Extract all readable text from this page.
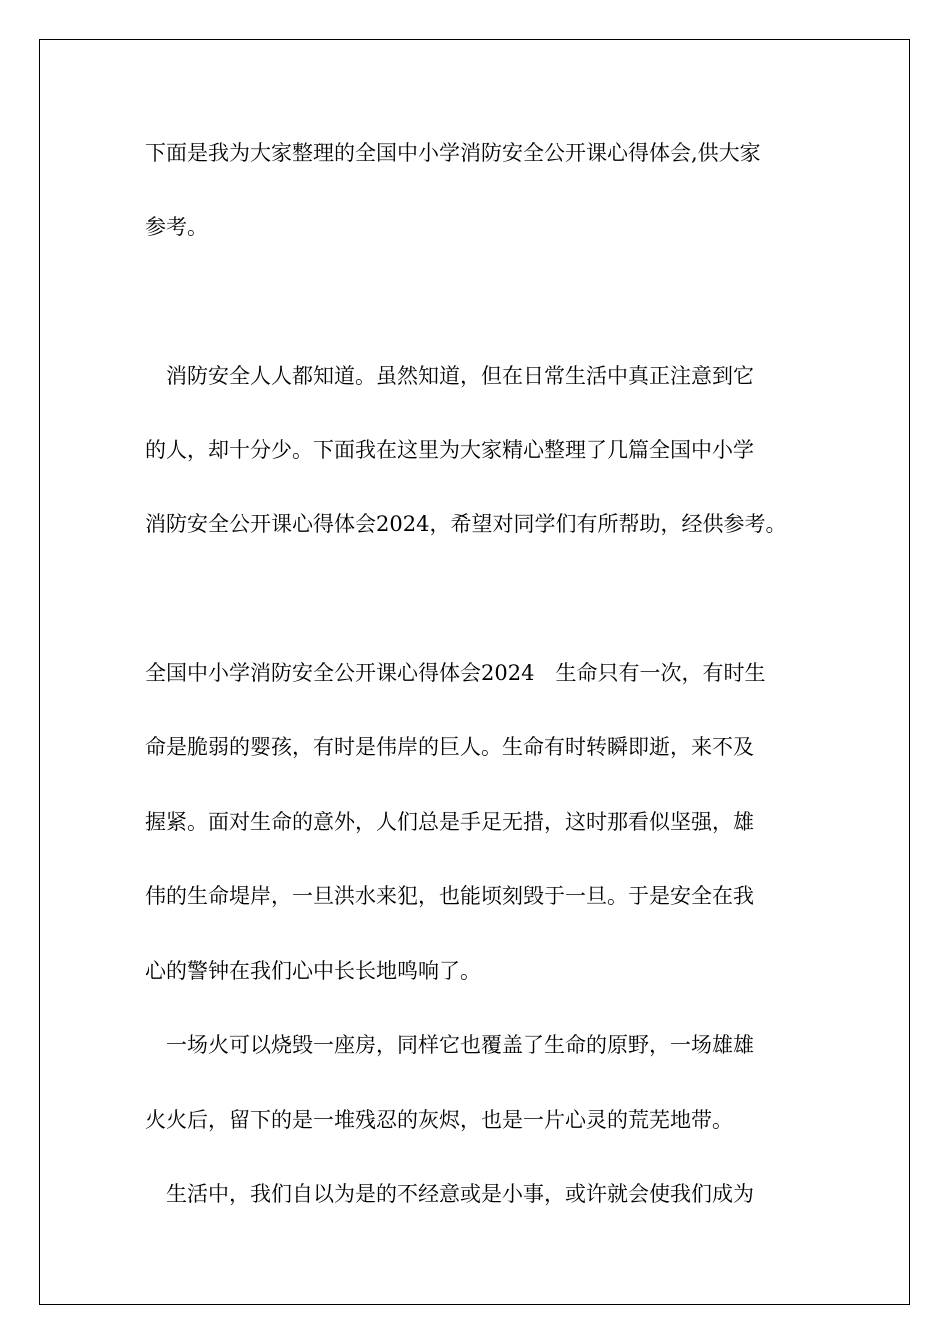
下面是我为大家整理的全国中小学消防安全公开课心得体会,供大家
参考。
消防安全人人都知道。虽然知道，但在日常生活中真正注意到它
的人，却十分少。下面我在这里为大家精心整理了几篇全国中小学
消防安全公开课心得体会2024，希望对同学们有所帮助，经供参考。
全国中小学消防安全公开课心得体会2024　生命只有一次，有时生
命是脆弱的婴孩，有时是伟岸的巨人。生命有时转瞬即逝，来不及
握紧。面对生命的意外，人们总是手足无措，这时那看似坚强，雄
伟的生命堤岸，一旦洪水来犯，也能顷刻毁于一旦。于是安全在我
心的警钟在我们心中长长地鸣响了。
一场火可以烧毁一座房，同样它也覆盖了生命的原野，一场雄雄
火火后，留下的是一堆残忍的灰烬，也是一片心灵的荒芜地带。
生活中，我们自以为是的不经意或是小事，或许就会使我们成为
